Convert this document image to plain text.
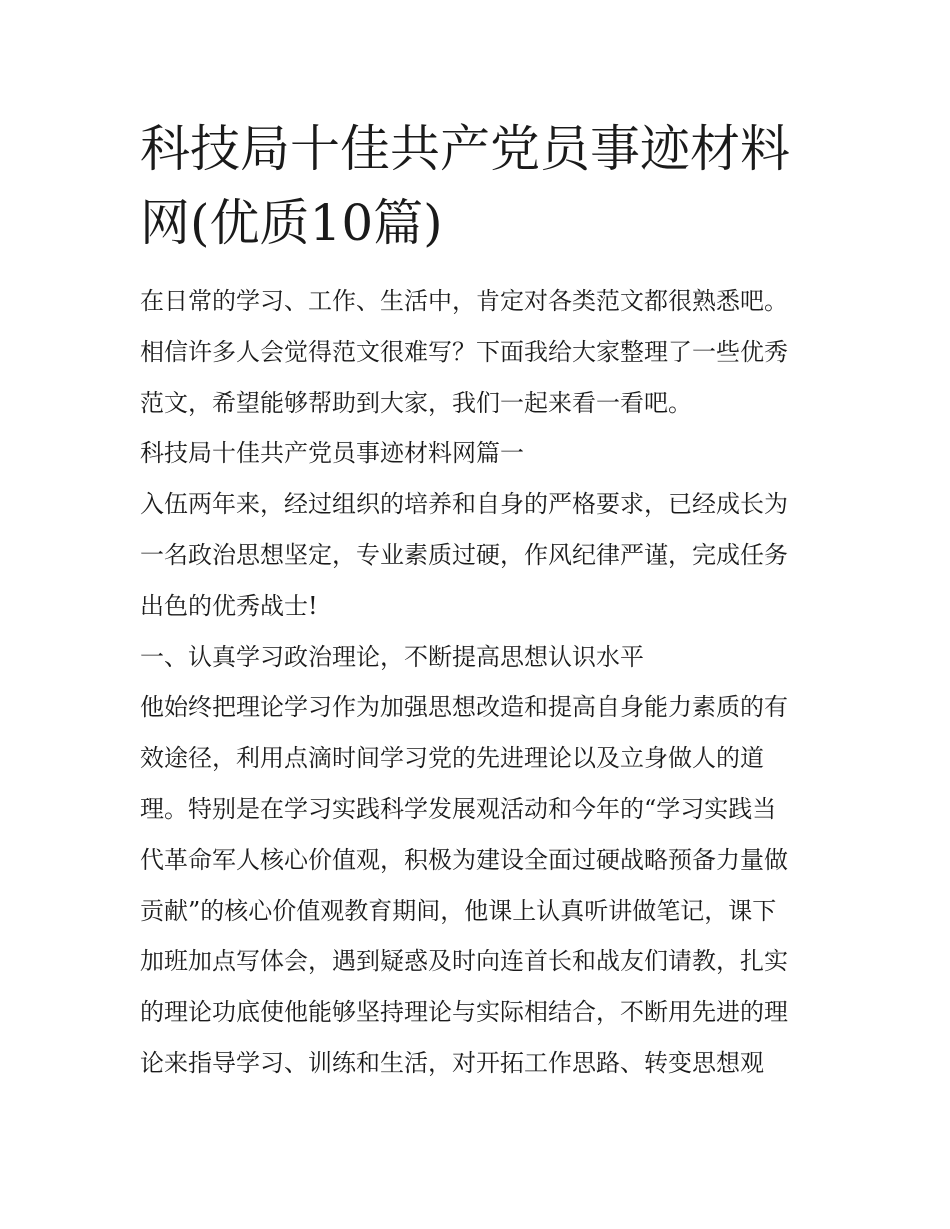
科技局十佳共产党员事迹材料
网(优质10篇)
在日常的学习、工作、生活中，肯定对各类范文都很熟悉吧。
相信许多人会觉得范文很难写？下面我给大家整理了一些优秀
范文，希望能够帮助到大家，我们一起来看一看吧。
科技局十佳共产党员事迹材料网篇一
入伍两年来，经过组织的培养和自身的严格要求，已经成长为
一名政治思想坚定，专业素质过硬，作风纪律严谨，完成任务
出色的优秀战士!
一、认真学习政治理论，不断提高思想认识水平
他始终把理论学习作为加强思想改造和提高自身能力素质的有
效途径，利用点滴时间学习党的先进理论以及立身做人的道
理。特别是在学习实践科学发展观活动和今年的“学习实践当
代革命军人核心价值观，积极为建设全面过硬战略预备力量做
贡献”的核心价值观教育期间，他课上认真听讲做笔记，课下
加班加点写体会，遇到疑惑及时向连首长和战友们请教，扎实
的理论功底使他能够坚持理论与实际相结合，不断用先进的理
论来指导学习、训练和生活，对开拓工作思路、转变思想观
